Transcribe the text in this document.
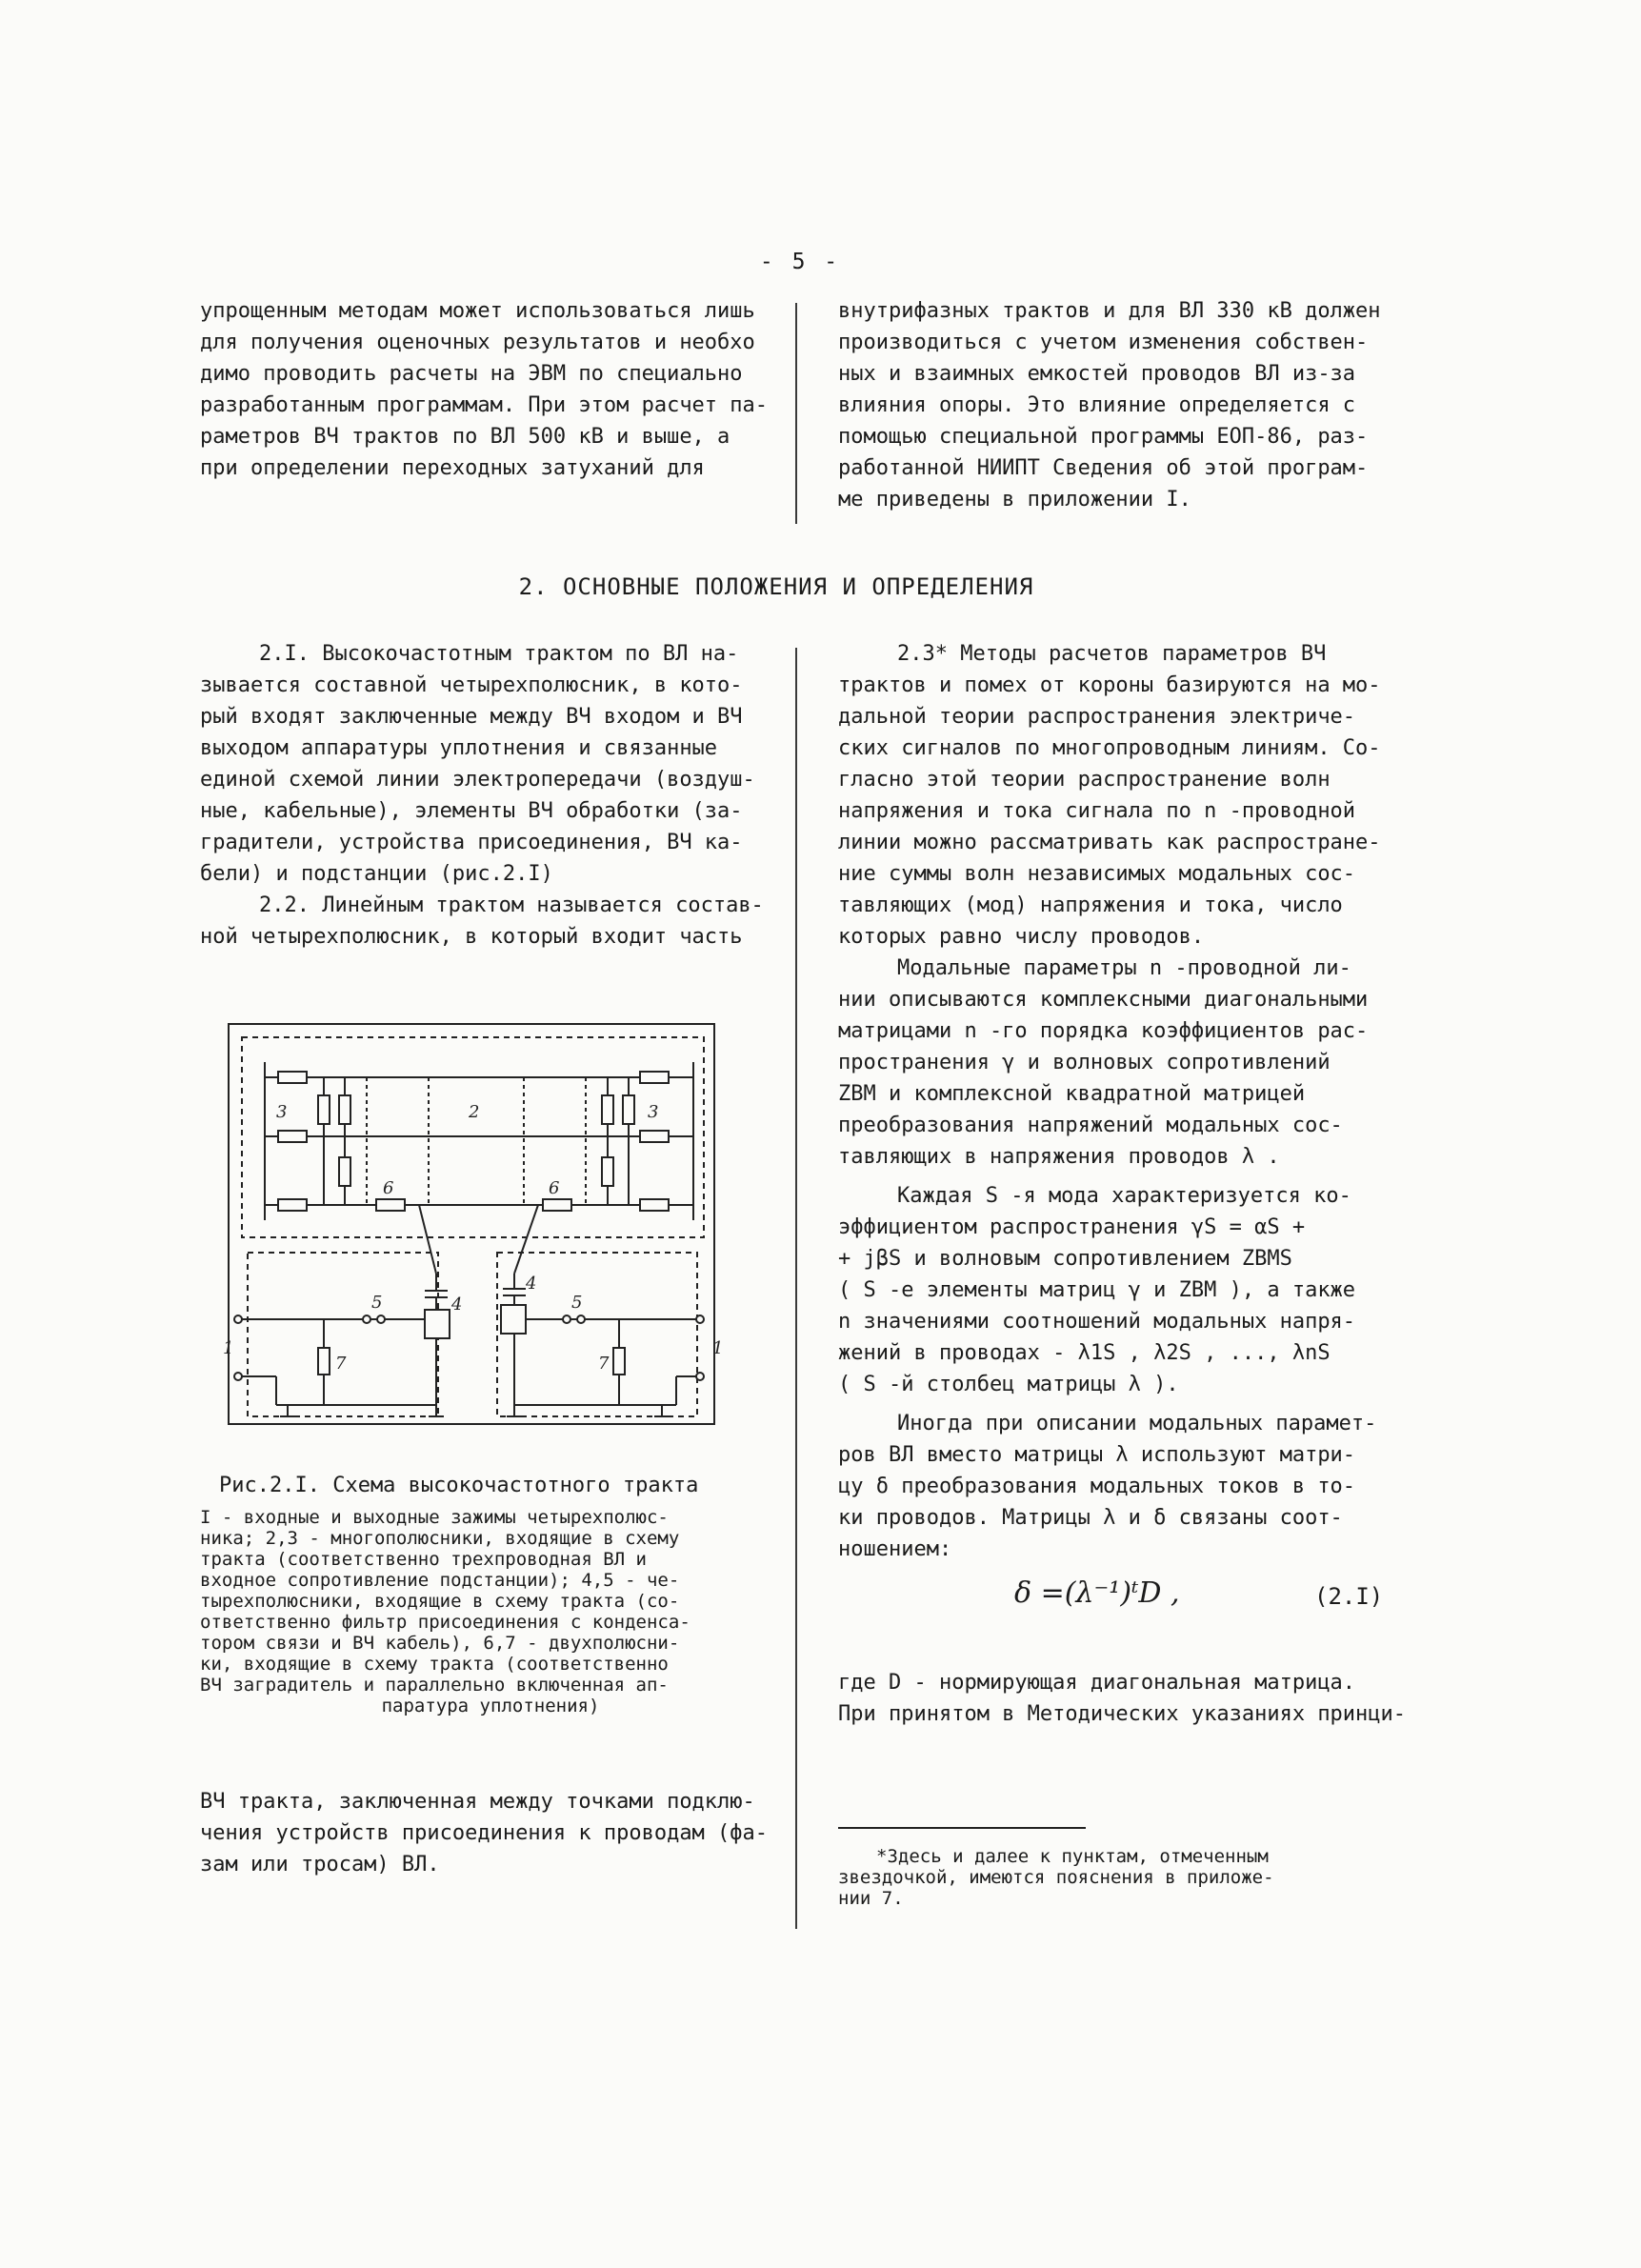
- 5 -

упрощенным методам может использоваться лишь

для получения оценочных результатов и необхо

димо проводить расчеты на ЭВМ по специально

разработанным программам. При этом расчет па-

раметров ВЧ трактов по ВЛ 500 кВ и выше, а

при определении переходных затуханий для

внутрифазных трактов и для ВЛ 330 кВ должен

производиться с учетом изменения собствен-

ных и взаимных емкостей проводов ВЛ из-за

влияния опоры. Это влияние определяется с

помощью специальной программы ЕОП-86, раз-

работанной НИИПТ Сведения об этой програм-

ме приведены в приложении I.

2. ОСНОВНЫЕ ПОЛОЖЕНИЯ И ОПРЕДЕЛЕНИЯ

2.I. Высокочастотным трактом по ВЛ на-

зывается составной четырехполюсник, в кото-

рый входят заключенные между ВЧ входом и ВЧ

выходом аппаратуры уплотнения и связанные

единой схемой линии электропередачи (воздуш-

ные, кабельные), элементы ВЧ обработки (за-

градители, устройства присоединения, ВЧ ка-

бели) и подстанции (рис.2.I)

2.2. Линейным трактом называется состав-

ной четырехполюсник, в который входит часть

3	2	3
6	6
4
4
5	5
7	7
1	1
Рис.2.I. Схема высокочастотного тракта

I - входные и выходные зажимы четырехполюс-

ника; 2,3 - многополюсники, входящие в схему

тракта (соответственно трехпроводная ВЛ и

входное сопротивление подстанции); 4,5 - че-

тырехполюсники, входящие в схему тракта (со-

ответственно фильтр присоединения с конденса-

тором связи и ВЧ кабель), 6,7 - двухполюсни-

ки, входящие в схему тракта (соответственно

ВЧ заградитель и параллельно включенная ап-

паратура уплотнения)

ВЧ тракта, заключенная между точками подклю-

чения устройств присоединения к проводам (фа-

зам или тросам) ВЛ.

2.3* Методы расчетов параметров ВЧ

трактов и помех от короны базируются на мо-

дальной теории распространения электриче-

ских сигналов по многопроводным линиям. Со-

гласно этой теории распространение волн

напряжения и тока сигнала по n -проводной

линии можно рассматривать как распростране-

ние суммы волн независимых модальных сос-

тавляющих (мод) напряжения и тока, число

которых равно числу проводов.

Модальные параметры n -проводной ли-

нии описываются комплексными диагональными

матрицами n -го порядка коэффициентов рас-

пространения γ и волновых сопротивлений

ZВМ и комплексной квадратной матрицей

преобразования напряжений модальных сос-

тавляющих в напряжения проводов λ .

Каждая S -я мода характеризуется ко-

эффициентом распространения γS = αS +

+ jβS и волновым сопротивлением ZВМS

( S -е элементы матриц γ и ZВМ ), а также

n значениями соотношений модальных напря-

жений в проводах - λ1S , λ2S , ..., λnS

( S -й столбец матрицы λ ).

Иногда при описании модальных парамет-

ров ВЛ вместо матрицы λ используют матри-

цу δ преобразования модальных токов в то-

ки проводов. Матрицы λ и δ связаны соот-

ношением:

δ =(λ⁻¹)ᵗD ,	(2.I)

где D - нормирующая диагональная матрица.

При принятом в Методических указаниях принци-

*Здесь и далее к пунктам, отмеченным

звездочкой, имеются пояснения в приложе-

нии 7.
